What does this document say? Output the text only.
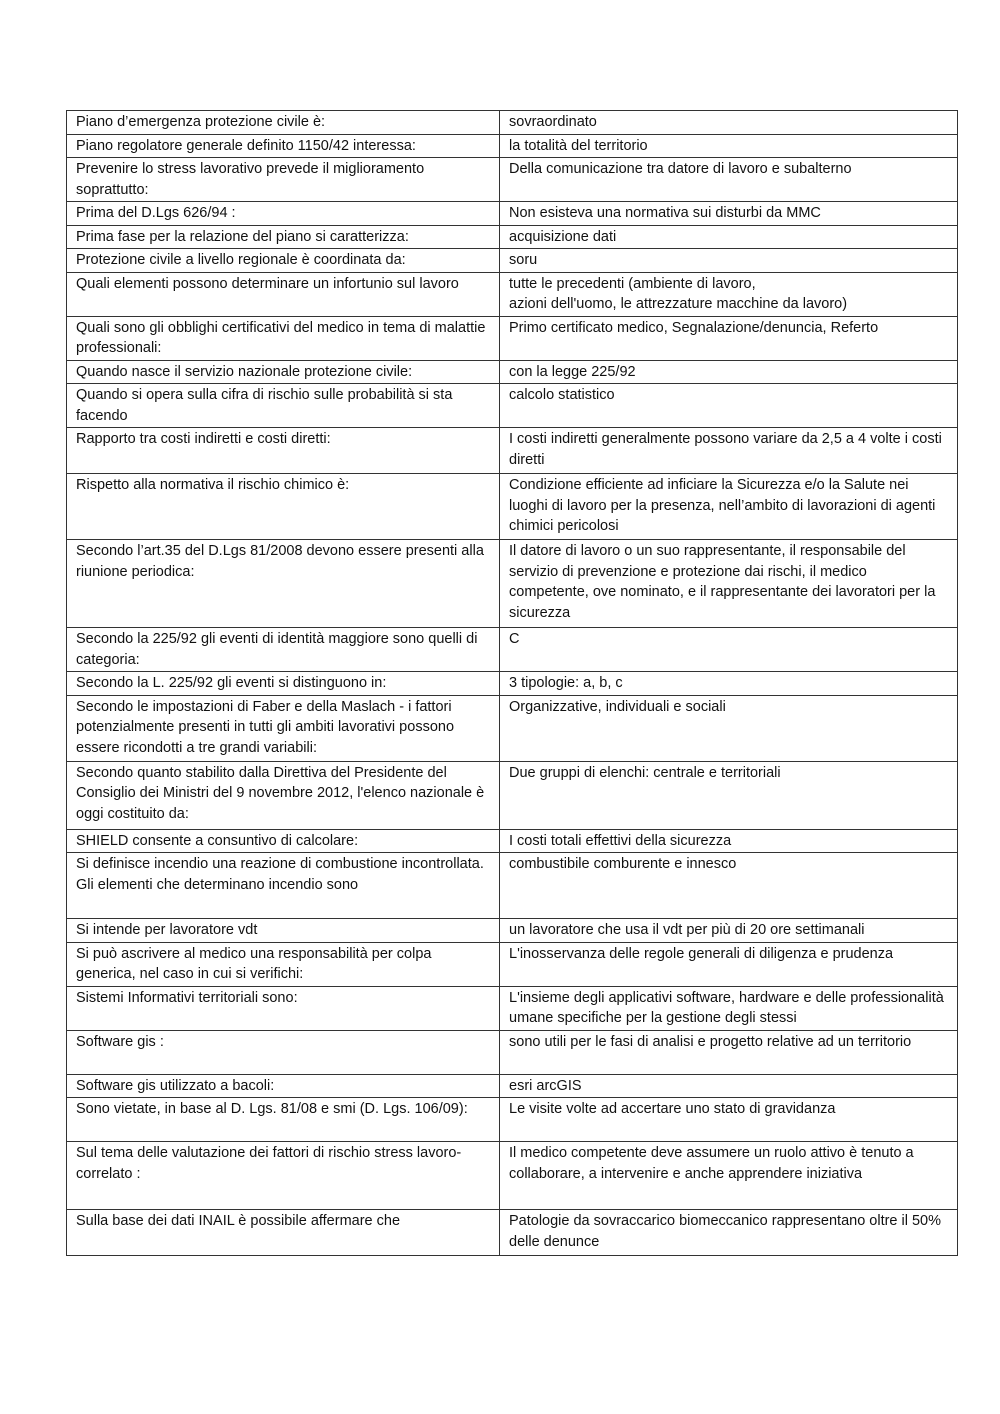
Piano d’emergenza protezione civile è:	sovraordinato

Piano regolatore generale definito 1150/42 interessa:	la totalità del territorio

Prevenire lo stress lavorativo prevede il miglioramento soprattutto:	Della comunicazione tra datore di lavoro e subalterno

Prima del D.Lgs 626/94 :	Non esisteva una normativa sui disturbi da MMC

Prima fase per la relazione del piano si caratterizza:	acquisizione dati

Protezione civile a livello regionale è coordinata da:	soru

Quali elementi possono determinare un infortunio sul lavoro	tutte le precedenti (ambiente di lavoro,
azioni dell'uomo, le attrezzature macchine da lavoro)

Quali sono gli obblighi certificativi del medico in tema di malattie professionali:	Primo certificato medico, Segnalazione/denuncia, Referto

Quando nasce il servizio nazionale protezione civile:	con la legge 225/92

Quando si opera sulla cifra di rischio sulle probabilità si sta facendo	calcolo statistico

Rapporto tra costi indiretti e costi diretti:	I costi indiretti generalmente possono variare da 2,5 a 4 volte i costi diretti

Rispetto alla normativa il rischio chimico è:	Condizione efficiente ad inficiare la Sicurezza e/o la Salute nei luoghi di lavoro per la presenza, nell’ambito di lavorazioni di agenti chimici pericolosi

Secondo l’art.35 del D.Lgs 81/2008 devono essere presenti alla riunione periodica:	Il datore di lavoro o un suo rappresentante, il responsabile del servizio di prevenzione e protezione dai rischi, il medico competente, ove nominato, e il rappresentante dei lavoratori per la sicurezza

Secondo la 225/92 gli eventi di identità maggiore sono quelli di categoria:	C

Secondo la L. 225/92 gli eventi si distinguono in:	3 tipologie: a, b, c

Secondo le impostazioni di Faber e della Maslach - i fattori potenzialmente presenti in tutti gli ambiti lavorativi possono essere ricondotti a tre grandi variabili:	Organizzative, individuali e sociali

Secondo quanto stabilito dalla Direttiva del Presidente del Consiglio dei Ministri del 9 novembre 2012, l'elenco nazionale è oggi costituito da:	Due gruppi di elenchi: centrale e territoriali

SHIELD consente a consuntivo di calcolare:	I costi totali effettivi della sicurezza

Si definisce incendio una reazione di combustione incontrollata. Gli elementi che determinano incendio sono	combustibile comburente e innesco

Si intende per lavoratore vdt	un lavoratore che usa il vdt per più di 20 ore settimanali

Si può ascrivere al medico una responsabilità per colpa generica, nel caso in cui si verifichi:	L'inosservanza delle regole generali di diligenza e prudenza

Sistemi Informativi territoriali sono:	L'insieme degli applicativi software, hardware e delle professionalità umane specifiche per la gestione degli stessi

Software gis :	sono utili per le fasi di analisi e progetto relative ad un territorio

Software gis utilizzato a bacoli:	esri arcGIS

Sono vietate, in base al D. Lgs. 81/08 e smi (D. Lgs. 106/09):	Le visite volte ad accertare uno stato di gravidanza

Sul tema delle valutazione dei fattori di rischio stress lavoro-correlato :	Il medico competente deve assumere un ruolo attivo è tenuto a collaborare, a intervenire e anche apprendere iniziativa

Sulla base dei dati INAIL è possibile affermare che	Patologie da sovraccarico biomeccanico rappresentano oltre il 50% delle denunce
